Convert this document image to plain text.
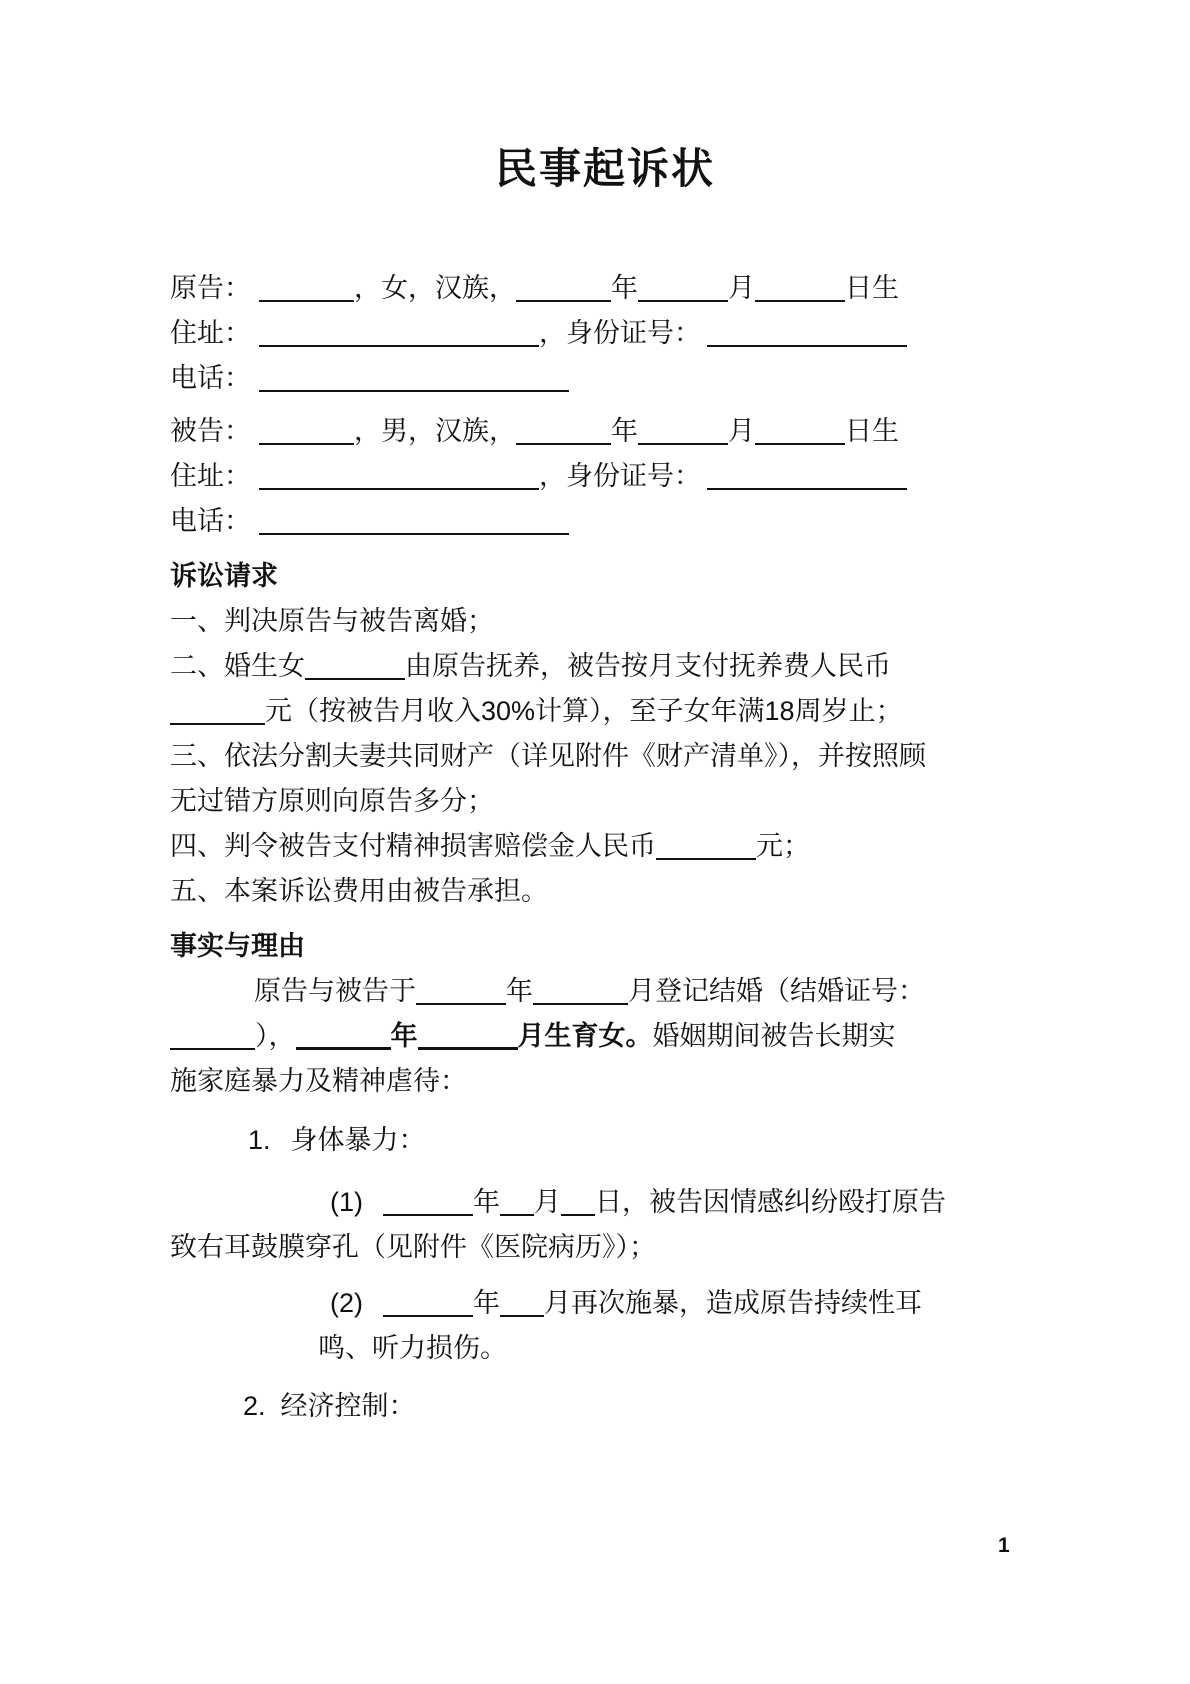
民事起诉状
原告：	，女，汉族，	年	月	日生
住址：	，身份证号：
电话：
被告：	，男，汉族，	年	月	日生
住址：	，身份证号：
电话：
诉讼请求
一、判决原告与被告离婚；
二、婚生女	由原告抚养，被告按月支付抚养费人民币
元（按被告月收入30%计算），至子女年满18周岁止；
三、依法分割夫妻共同财产（详见附件《财产清单》），并按照顾
无过错方原则向原告多分；
四、判令被告支付精神损害赔偿金人民币	元；
五、本案诉讼费用由被告承担。
事实与理由
原告与被告于	年	月登记结婚（结婚证号：
），	年	月生育女。婚姻期间被告长期实
施家庭暴力及精神虐待：
1. 身体暴力：
(1)	年 月 日，被告因情感纠纷殴打原告
致右耳鼓膜穿孔（见附件《医院病历》）；
(2)	年 月再次施暴，造成原告持续性耳
鸣、听力损伤。
2. 经济控制：
1
